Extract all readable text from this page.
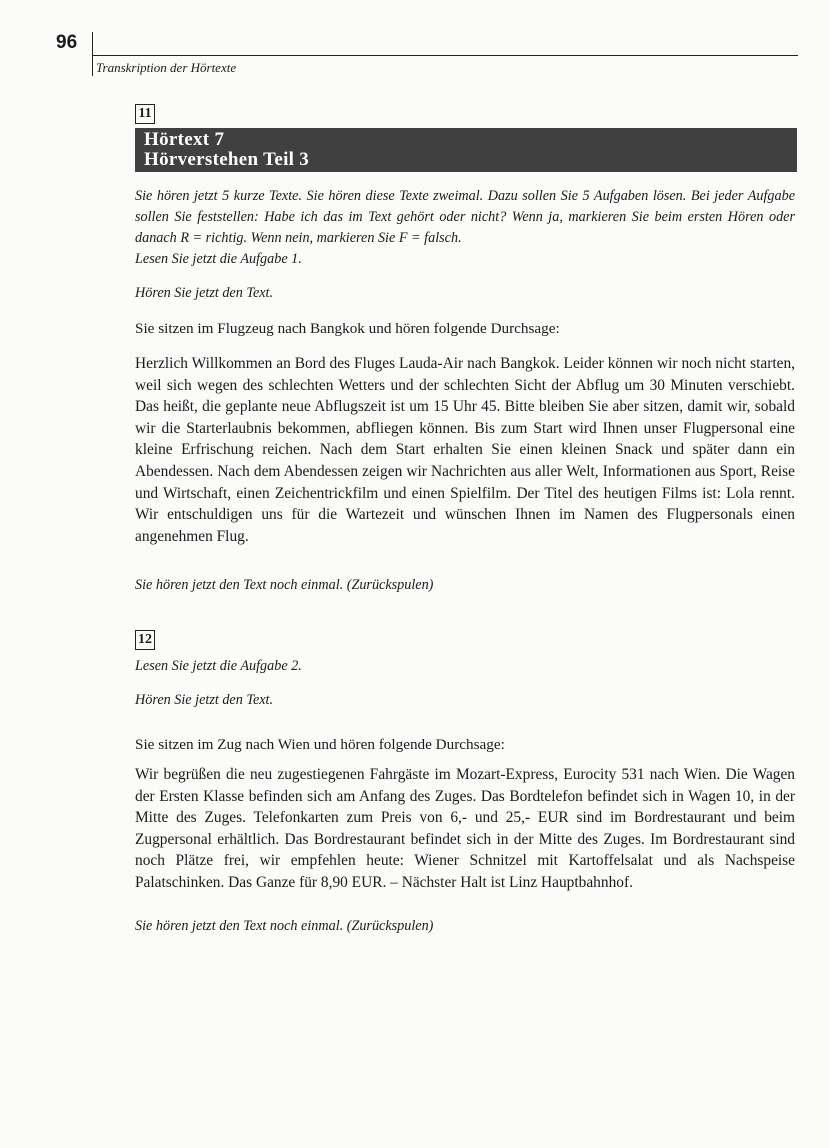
96
Transkription der Hörtexte
11
Hörtext 7
Hörverstehen Teil 3

Sie hören jetzt 5 kurze Texte. Sie hören diese Texte zweimal. Dazu sollen Sie 5 Aufgaben lösen. Bei jeder Aufgabe sollen Sie feststellen: Habe ich das im Text gehört oder nicht? Wenn ja, markieren Sie beim ersten Hören oder danach R = richtig. Wenn nein, markieren Sie F = falsch.

Lesen Sie jetzt die Aufgabe 1.

Hören Sie jetzt den Text.

Sie sitzen im Flugzeug nach Bangkok und hören folgende Durchsage:

Herzlich Willkommen an Bord des Fluges Lauda-Air nach Bangkok. Leider können wir noch nicht starten, weil sich wegen des schlechten Wetters und der schlechten Sicht der Abflug um 30 Minuten verschiebt. Das heißt, die geplante neue Abflugszeit ist um 15 Uhr 45. Bitte bleiben Sie aber sitzen, damit wir, sobald wir die Starterlaubnis bekommen, abfliegen können. Bis zum Start wird Ihnen unser Flugpersonal eine kleine Erfrischung reichen. Nach dem Start erhalten Sie einen kleinen Snack und später dann ein Abendessen. Nach dem Abendessen zeigen wir Nachrichten aus aller Welt, Informationen aus Sport, Reise und Wirtschaft, einen Zeichentrickfilm und einen Spielfilm. Der Titel des heutigen Films ist: Lola rennt. Wir entschuldigen uns für die Wartezeit und wünschen Ihnen im Namen des Flugpersonals einen angenehmen Flug.

Sie hören jetzt den Text noch einmal. (Zurückspulen)

12

Lesen Sie jetzt die Aufgabe 2.

Hören Sie jetzt den Text.

Sie sitzen im Zug nach Wien und hören folgende Durchsage:

Wir begrüßen die neu zugestiegenen Fahrgäste im Mozart-Express, Eurocity 531 nach Wien. Die Wagen der Ersten Klasse befinden sich am Anfang des Zuges. Das Bordtelefon befindet sich in Wagen 10, in der Mitte des Zuges. Telefonkarten zum Preis von 6,- und 25,- EUR sind im Bordrestaurant und beim Zugpersonal erhältlich. Das Bordrestaurant befindet sich in der Mitte des Zuges. Im Bordrestaurant sind noch Plätze frei, wir empfehlen heute: Wiener Schnitzel mit Kartoffelsalat und als Nachspeise Palatschinken. Das Ganze für 8,90 EUR. – Nächster Halt ist Linz Hauptbahnhof.

Sie hören jetzt den Text noch einmal. (Zurückspulen)
